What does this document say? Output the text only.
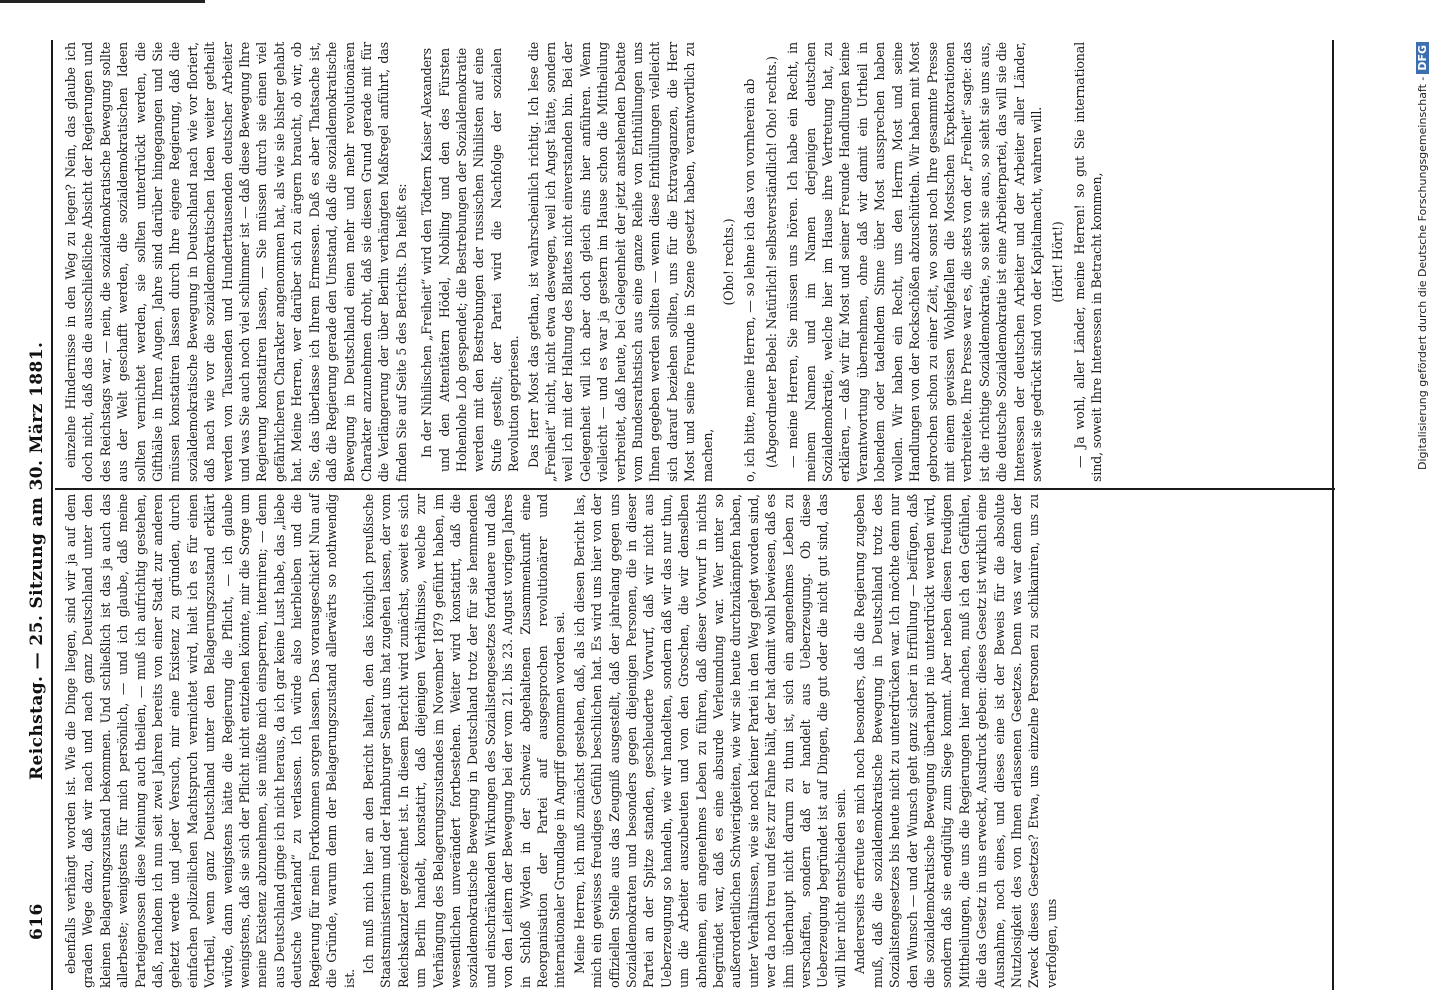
616
Reichstag. — 25. Sitzung am 30. März 1881. ebenfalls verhängt worden ist. Wie die Dinge liegen, sind wir ja auf dem graden Wege dazu, daß wir nach und nach ganz Deutschland unter den kleinen Belagerungszustand bekommen. Und schließlich ist das ja auch das allerbeste; wenigstens für mich persönlich, — und ich glaube, daß meine Parteigenossen diese Meinung auch theilen, — muß ich aufrichtig gestehen, daß, nachdem ich nun seit zwei Jahren bereits von einer Stadt zur anderen gehetzt werde und jeder Versuch, mir eine Existenz zu gründen, durch einfachen polizeilichen Machtspruch vernichtet wird, hielt ich es für einen Vortheil, wenn ganz Deutschland unter den Belagerungszustand erklärt würde, dann wenigstens hätte die Regierung die Pflicht, — ich glaube wenigstens, daß sie sich der Pflicht nicht entziehen könnte, mir die Sorge um meine Existenz abzunehmen, sie müßte mich einsperren, interniren; — denn aus Deutschland ginge ich nicht heraus, da ich gar keine Lust habe, das „liebe deutsche Vaterland“ zu verlassen. Ich würde also hierbleiben und die Regierung für mein Fortkommen sorgen lassen. Das vorausgeschickt! Nun auf die Gründe, warum denn der Belagerungszustand allerwärts so nothwendig ist.

Ich muß mich hier an den Bericht halten, den das königlich preußische Staatsministerium und der Hamburger Senat uns hat zugehen lassen, der vom Reichskanzler gezeichnet ist. In diesem Bericht wird zunächst, soweit es sich um Berlin handelt, konstatirt, daß diejenigen Verhältnisse, welche zur Verhängung des Belagerungszustandes im November 1879 geführt haben, im wesentlichen unverändert fortbestehen. Weiter wird konstatirt, daß die sozialdemokratische Bewegung in Deutschland trotz der für sie hemmenden und einschränkenden Wirkungen des Sozialistengesetzes fortdauere und daß von den Leitern der Bewegung bei der vom 21. bis 23. August vorigen Jahres in Schloß Wyden in der Schweiz abgehaltenen Zusammenkunft eine Reorganisation der Partei auf ausgesprochen revolutionärer und internationaler Grundlage in Angriff genommen worden sei. Meine Herren, ich muß zunächst gestehen, daß, als ich diesen Bericht las, mich ein gewisses freudiges Gefühl beschlichen hat. Es wird uns hier von der offiziellen Stelle aus das Zeugniß ausgestellt, daß der jahrelang gegen uns Sozialdemokraten und besonders gegen diejenigen Personen, die in dieser Partei an der Spitze standen, geschleuderte Vorwurf, daß wir nicht aus Ueberzeugung so handeln, wie wir handelten, sondern daß wir das nur thun, um die Arbeiter auszubeuten und von den Groschen, die wir denselben abnehmen, ein angenehmes Leben zu führen, daß dieser Vorwurf in nichts begründet war, daß es eine absurde Verleumdung war. Wer unter so außerordentlichen Schwierigkeiten, wie wir sie heute durchzukämpfen haben, unter Verhältnissen, wie sie noch keiner Partei in den Weg gelegt worden sind, wer da noch treu und fest zur Fahne hält, der hat damit wohl bewiesen, daß es ihm überhaupt nicht darum zu thun ist, sich ein angenehmes Leben zu verschaffen, sondern daß er handelt aus Ueberzeugung. Ob diese Ueberzeugung begründet ist auf Dingen, die gut oder die nicht gut sind, das will hier nicht entschieden sein. Andererseits erfreute es mich noch besonders, daß die Regierung zugeben muß, daß die sozialdemokratische Bewegung in Deutschland trotz des Sozialistengesetzes bis heute nicht zu unterdrücken war. Ich möchte denn nur den Wunsch — und der Wunsch geht ganz sicher in Erfüllung — beifügen, daß die sozialdemokratische Bewegung überhaupt nie unterdrückt werden wird, sondern daß sie endgültig zum Siege kommt. Aber neben diesen freudigen Mittheilungen, die uns die Regierungen hier machen, muß ich den Gefühlen, die das Gesetz in uns erweckt, Ausdruck geben: dieses Gesetz ist wirklich eine Ausnahme, noch eines, und dieses eine ist der Beweis für die absolute Nutzlosigkeit des von Ihnen erlassenen Gesetzes. Denn was war denn der Zweck dieses Gesetzes? Etwa, uns einzelne Personen zu schikaniren, uns zu verfolgen, uns

einzelne Hindernisse in den Weg zu legen? Nein, das glaube ich doch nicht, daß das die ausschließliche Absicht der Regierungen und des Reichstags war, — nein, die sozialdemokratische Bewegung sollte aus der Welt geschafft werden, die sozialdemokratischen Ideen sollten vernichtet werden, sie sollten unterdrückt werden, die Gifthälse in Ihren Augen. Jahre sind darüber hingegangen und Sie müssen konstatiren lassen durch Ihre eigene Regierung, daß die sozialdemokratische Bewegung in Deutschland nach wie vor floriert, daß nach wie vor die sozialdemokratischen Ideen weiter getheilt werden von Tausenden und Hunderttausenden deutscher Arbeiter und was Sie auch noch viel schlimmer ist — daß diese Bewegung Ihre Regierung konstatiren lassen, — Sie müssen durch sie einen viel gefährlicheren Charakter angenommen hat, als wie sie bisher gehabt hat. Meine Herren, wer darüber sich zu ärgern braucht, ob wir, ob Sie, das überlasse ich Ihrem Ermessen. Daß es aber Thatsache ist, daß die Regierung gerade den Umstand, daß die sozialdemokratische Bewegung in Deutschland einen mehr und mehr revolutionären Charakter anzunehmen droht, daß sie diesen Grund gerade mit für die Verlängerung der über Berlin verhängten Maßregel anführt, das finden Sie auf Seite 5 des Berichts. Da heißt es: In der Nihilischen „Freiheit“ wird den Tödtern Kaiser Alexanders und den Attentätern Hödel, Nobiling und den des Fürsten Hohenlohe Lob gespendet; die Bestrebungen der Sozialdemokratie werden mit den Bestrebungen der russischen Nihilisten auf eine Stufe gestellt; der Partei wird die Nachfolge der sozialen Revolution gepriesen. Das Herr Most das gethan, ist wahrscheinlich richtig. Ich lese die „Freiheit“ nicht, nicht etwa deswegen, weil ich Angst hätte, sondern weil ich mit der Haltung des Blattes nicht einverstanden bin. Bei der Gelegenheit will ich aber doch gleich eins hier anführen. Wenn vielleicht — und es war ja gestern im Hause schon die Mittheilung verbreitet, daß heute, bei Gelegenheit der jetzt anstehenden Debatte vom Bundesrathstisch aus eine ganze Reihe von Enthüllungen uns Ihnen gegeben werden sollten — wenn diese Enthüllungen vielleicht sich darauf beziehen sollten, uns für die Extravaganzen, die Herr Most und seine Freunde in Szene gesetzt haben, verantwortlich zu machen,

(Oho! rechts.) o, ich bitte, meine Herren, — so lehne ich das von vornherein ab (Abgeordneter Bebel: Natürlich! selbstverständlich! Oho! rechts.) — meine Herren, Sie müssen uns hören. Ich habe ein Recht, in meinem Namen und im Namen derjenigen deutschen Sozialdemokratie, welche hier im Hause ihre Vertretung hat, zu erklären, — daß wir für Most und seiner Freunde Handlungen keine Verantwortung übernehmen, ohne daß wir damit ein Urtheil in lobendem oder tadelndem Sinne über Most aussprechen haben wollen. Wir haben ein Recht, uns den Herrn Most und seine Handlungen von der Rockschößen abzuschütteln. Wir haben mit Most gebrochen schon zu einer Zeit, wo sonst noch Ihre gesammte Presse mit einem gewissen Wohlgefallen die Mostschen Expektorationen verbreitete. Ihre Presse war es, die stets von der „Freiheit“ sagte: das ist die richtige Sozialdemokratie, so sieht sie aus, so sieht sie uns aus, die deutsche Sozialdemokratie ist eine Arbeiterpartei, das will sie die Interessen der deutschen Arbeiter und der Arbeiter aller Länder, soweit sie gedrückt sind von der Kapitalmacht, wahren will. (Hört! Hört!) — Ja wohl, aller Länder, meine Herren! so gut Sie international sind, soweit Ihre Interessen in Betracht kommen,	Digitalisierung gefördert durch die Deutsche Forschungsgemeinschaft -DFG
